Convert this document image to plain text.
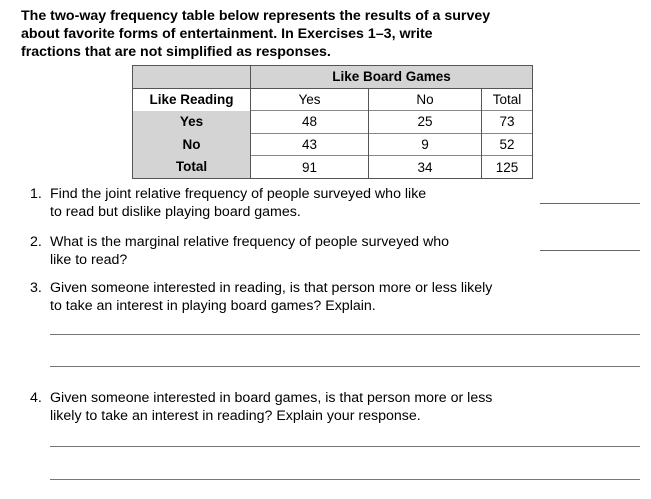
The two-way frequency table below represents the results of a survey
about favorite forms of entertainment. In Exercises 1–3, write
fractions that are not simplified as responses.
	Like Board Games		
Like Reading	Yes	No	Total
Yes	48	25	73
No	43	9	52
Total	91	34	125
1. Find the joint relative frequency of people surveyed who like
to read but dislike playing board games.
2. What is the marginal relative frequency of people surveyed who
like to read?
3. Given someone interested in reading, is that person more or less likely
to take an interest in playing board games? Explain.
4. Given someone interested in board games, is that person more or less
likely to take an interest in reading? Explain your response.
